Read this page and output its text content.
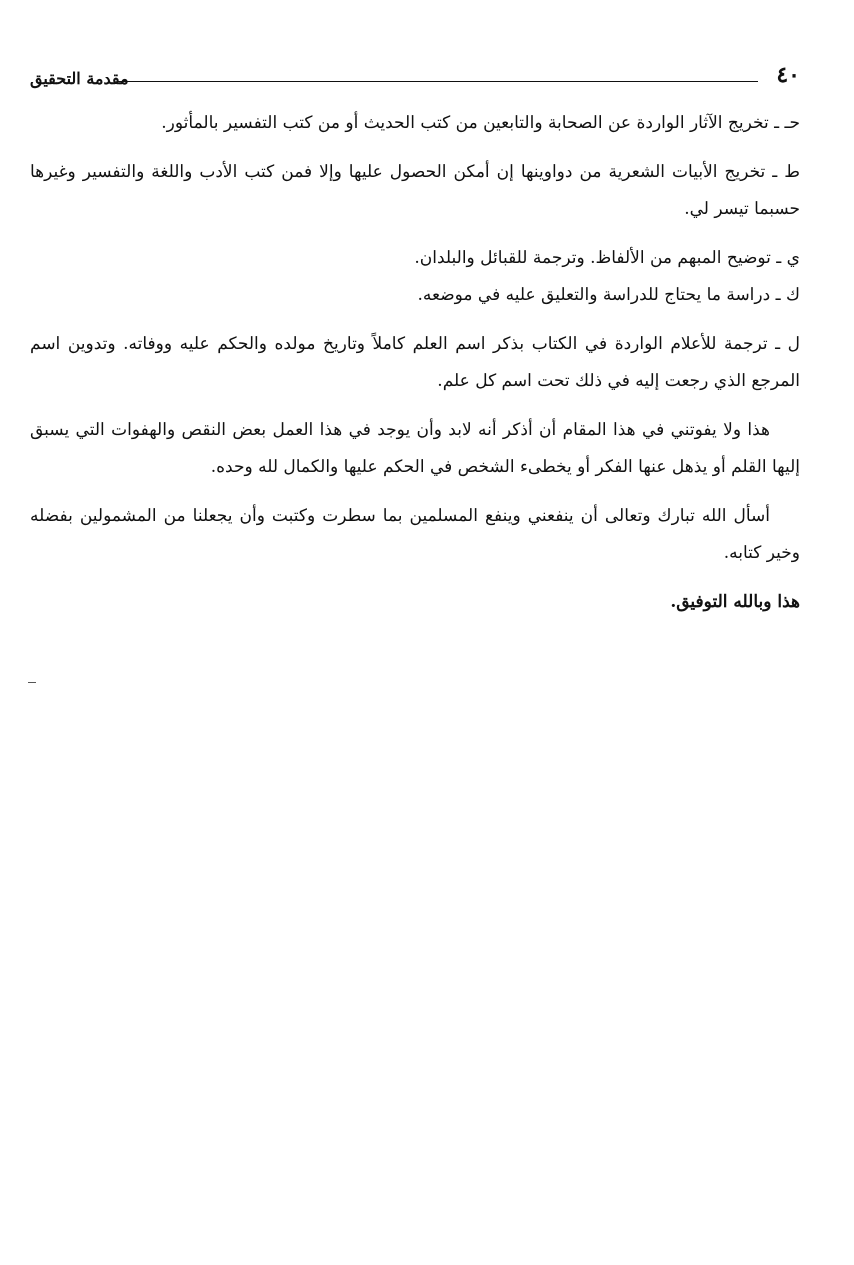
٤٠
مقدمة التحقيق

حـ ـ تخريج الآثار الواردة عن الصحابة والتابعين من كتب الحديث أو من كتب التفسير بالمأثور.

ط ـ تخريج الأبيات الشعرية من دواوينها إن أمكن الحصول عليها وإلا فمن كتب الأدب واللغة والتفسير وغيرها حسبما تيسر لي.

ي ـ توضيح المبهم من الألفاظ. وترجمة للقبائل والبلدان.

ك ـ دراسة ما يحتاج للدراسة والتعليق عليه في موضعه.

ل ـ ترجمة للأعلام الواردة في الكتاب بذكر اسم العلم كاملاً وتاريخ مولده والحكم عليه ووفاته. وتدوين اسم المرجع الذي رجعت إليه في ذلك تحت اسم كل علم.

هذا ولا يفوتني في هذا المقام أن أذكر أنه لابد وأن يوجد في هذا العمل بعض النقص والهفوات التي يسبق إليها القلم أو يذهل عنها الفكر أو يخطىء الشخص في الحكم عليها والكمال لله وحده.

أسأل الله تبارك وتعالى أن ينفعني وينفع المسلمين بما سطرت وكتبت وأن يجعلنا من المشمولين بفضله وخير كتابه.

هذا وبالله التوفيق.
